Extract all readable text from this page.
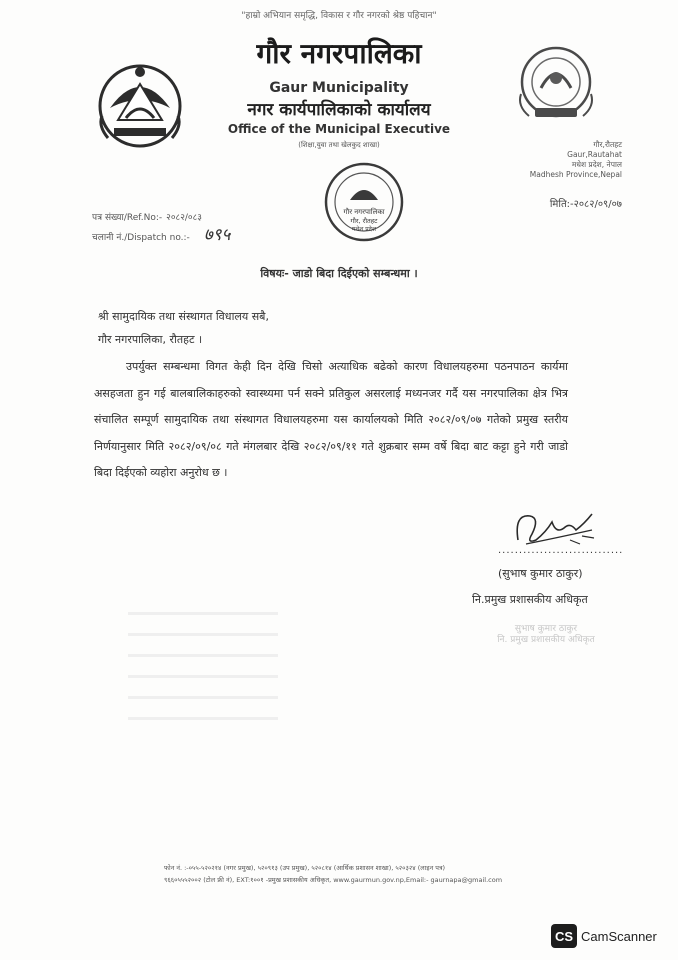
"हाम्रो अभियान समृद्धि, विकास र गौर नगरको श्रेष्ठ पहिचान"
गौर नगरपालिका
Gaur Municipality
नगर कार्यपालिकाको कार्यालय
Office of the Municipal Executive
(शिक्षा,युवा तथा खेलकुद शाखा)	गौर,रौतहट
Gaur,Rautahat
मधेश प्रदेश, नेपाल
Madhesh Province,Nepal
मिति:-२०८२/०९/०७
गौर नगरपालिका
गौर, रौतहट
मधेश प्रदेश
पत्र संख्या/Ref.No:- २०८२/०८३
चलानी नं./Dispatch no.:- ७९५
विषयः- जाडो बिदा दिईएको सम्बन्धमा ।
श्री सामुदायिक तथा संस्थागत विधालय सबै,
गौर नगरपालिका, रौतहट ।
उपर्युक्त सम्बन्धमा विगत केही दिन देखि चिसो अत्याधिक बढेको कारण विधालयहरुमा पठनपाठन कार्यमा असहजता हुन गई बालबालिकाहरुको स्वास्थ्यमा पर्न सक्ने प्रतिकुल असरलाई मध्यनजर गर्दै यस नगरपालिका क्षेत्र भित्र संचालित सम्पूर्ण सामुदायिक तथा संस्थागत विधालयहरुमा यस कार्यालयको मिति २०८२/०९/०७ गतेको प्रमुख स्तरीय निर्णयानुसार मिति २०८२/०९/०८ गते मंगलबार देखि २०८२/०९/११ गते शुक्रबार सम्म वर्षे बिदा बाट कट्टा हुने गरी जाडो बिदा दिईएको व्यहोरा अनुरोध छ ।
..............................
(सुभाष कुमार ठाकुर)
नि.प्रमुख प्रशासकीय अधिकृत
सुभाष कुमार ठाकुर
नि. प्रमुख प्रशासकीय अधिकृत
फोन नं. :-०५५-५२०२१४ (नगर प्रमुख), ५२०९१३ (उप प्रमुख), ५२०८१४ (आर्थिक प्रशासन शाखा), ५२०३२४ (लाइन पत्र)
९६६०५५५२००२ (टोल फ्री नं), EXT:१००१ -प्रमुख प्रशासकीय अधिकृत, www.gaurmun.gov.np,Email:- gaurnapa@gmail.com
CS CamScanner
